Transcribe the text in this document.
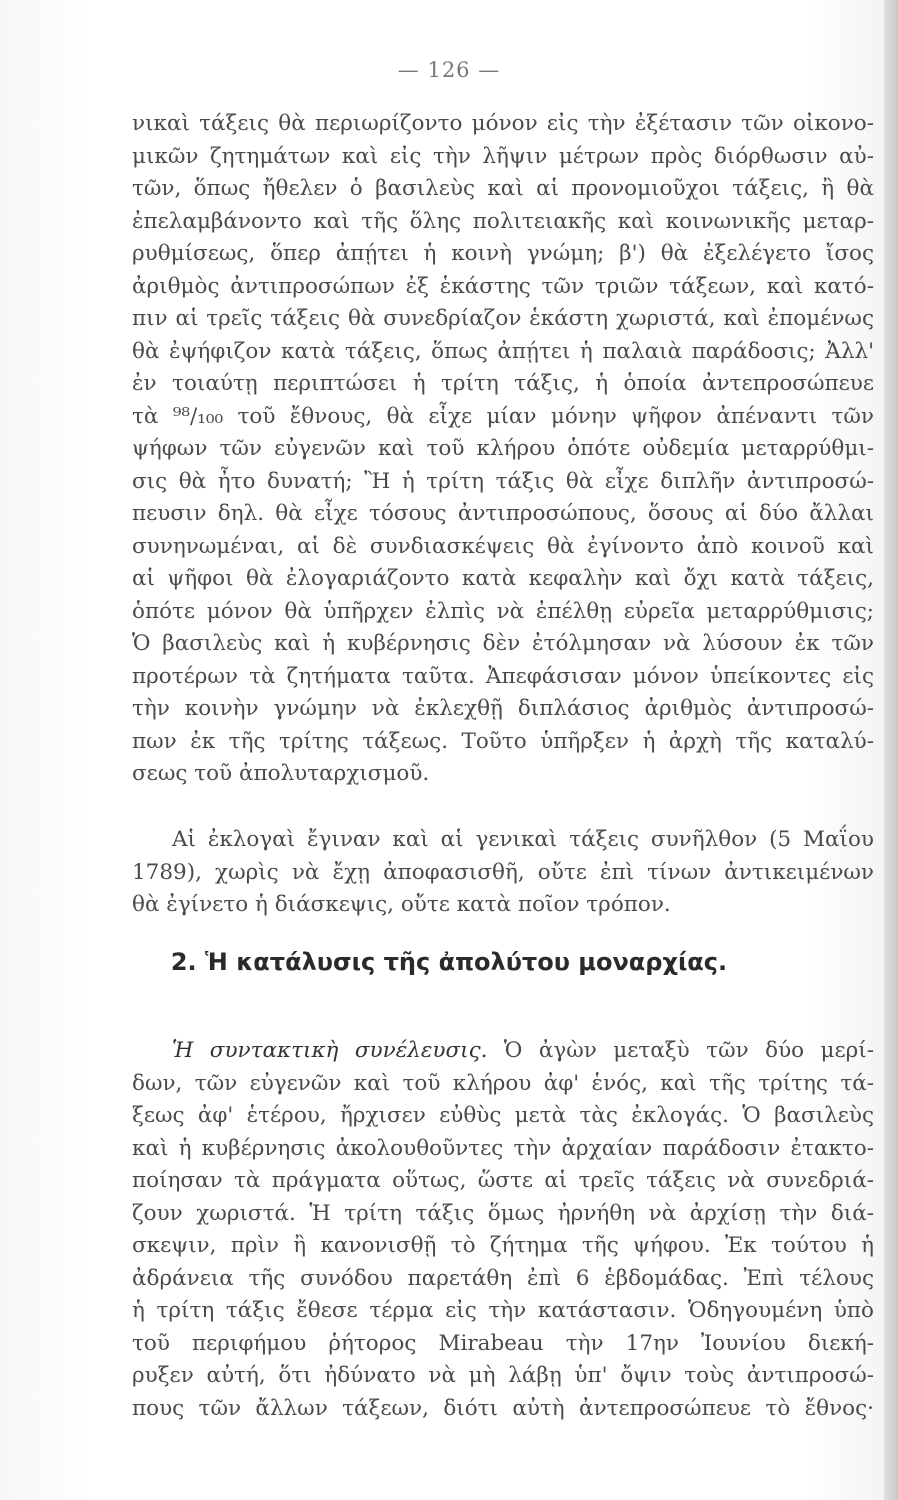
— 126 —
νικαὶ τάξεις θὰ περιωρίζοντο μόνον εἰς τὴν ἐξέτασιν τῶν οἰκονο-
μικῶν ζητημάτων καὶ εἰς τὴν λῆψιν μέτρων πρὸς διόρθωσιν αὐ-
τῶν, ὅπως ἤθελεν ὁ βασιλεὺς καὶ αἱ προνομιοῦχοι τάξεις, ἢ θὰ
ἐπελαμβάνοντο καὶ τῆς ὅλης πολιτειακῆς καὶ κοινωνικῆς μεταρ-
ρυθμίσεως, ὅπερ ἀπῄτει ἡ κοινὴ γνώμη; β') θὰ ἐξελέγετο ἴσος
ἀριθμὸς ἀντιπροσώπων ἐξ ἑκάστης τῶν τριῶν τάξεων, καὶ κατό-
πιν αἱ τρεῖς τάξεις θὰ συνεδρίαζον ἑκάστη χωριστά, καὶ ἐπομένως
θὰ ἐψήφιζον κατὰ τάξεις, ὅπως ἀπῄτει ἡ παλαιὰ παράδοσις; Ἀλλ'
ἐν τοιαύτῃ περιπτώσει ἡ τρίτη τάξις, ἡ ὁποία ἀντεπροσώπευε
τὰ ⁹⁸/₁₀₀ τοῦ ἔθνους, θὰ εἶχε μίαν μόνην ψῆφον ἀπέναντι τῶν
ψήφων τῶν εὐγενῶν καὶ τοῦ κλήρου ὁπότε οὐδεμία μεταρρύθμι-
σις θὰ ἦτο δυνατή; Ἢ ἡ τρίτη τάξις θὰ εἶχε διπλῆν ἀντιπροσώ-
πευσιν δηλ. θὰ εἶχε τόσους ἀντιπροσώπους, ὅσους αἱ δύο ἄλλαι
συνηνωμέναι, αἱ δὲ συνδιασκέψεις θὰ ἐγίνοντο ἀπὸ κοινοῦ καὶ
αἱ ψῆφοι θὰ ἐλογαριάζοντο κατὰ κεφαλὴν καὶ ὄχι κατὰ τάξεις,
ὁπότε μόνον θὰ ὑπῆρχεν ἐλπὶς νὰ ἐπέλθῃ εὐρεῖα μεταρρύθμισις;
Ὁ βασιλεὺς καὶ ἡ κυβέρνησις δὲν ἐτόλμησαν νὰ λύσουν ἐκ τῶν
προτέρων τὰ ζητήματα ταῦτα. Ἀπεφάσισαν μόνον ὑπείκοντες εἰς
τὴν κοινὴν γνώμην νὰ ἐκλεχθῇ διπλάσιος ἀριθμὸς ἀντιπροσώ-
πων ἐκ τῆς τρίτης τάξεως. Τοῦτο ὑπῆρξεν ἡ ἀρχὴ τῆς καταλύ-
σεως τοῦ ἀπολυταρχισμοῦ.
Αἱ ἐκλογαὶ ἔγιναν καὶ αἱ γενικαὶ τάξεις συνῆλθον (5 Μαΐου
1789), χωρὶς νὰ ἔχῃ ἀποφασισθῆ, οὔτε ἐπὶ τίνων ἀντικειμένων
θὰ ἐγίνετο ἡ διάσκεψις, οὔτε κατὰ ποῖον τρόπον.
2. Ἡ κατάλυσις τῆς ἀπολύτου μοναρχίας.
Ἡ συντακτικὴ συνέλευσις. Ὁ ἀγὼν μεταξὺ τῶν δύο μερί-
δων, τῶν εὐγενῶν καὶ τοῦ κλήρου ἀφ' ἑνός, καὶ τῆς τρίτης τά-
ξεως ἀφ' ἑτέρου, ἤρχισεν εὐθὺς μετὰ τὰς ἐκλογάς. Ὁ βασιλεὺς
καὶ ἡ κυβέρνησις ἀκολουθοῦντες τὴν ἀρχαίαν παράδοσιν ἐτακτο-
ποίησαν τὰ πράγματα οὕτως, ὥστε αἱ τρεῖς τάξεις νὰ συνεδριά-
ζουν χωριστά. Ἡ τρίτη τάξις ὅμως ἠρνήθη νὰ ἀρχίσῃ τὴν διά-
σκεψιν, πρὶν ἢ κανονισθῇ τὸ ζήτημα τῆς ψήφου. Ἐκ τούτου ἡ
ἀδράνεια τῆς συνόδου παρετάθη ἐπὶ 6 ἑβδομάδας. Ἐπὶ τέλους
ἡ τρίτη τάξις ἔθεσε τέρμα εἰς τὴν κατάστασιν. Ὁδηγουμένη ὑπὸ
τοῦ περιφήμου ῥήτορος Mirabeau τὴν 17ην Ἰουνίου διεκή-
ρυξεν αὐτή, ὅτι ἠδύνατο νὰ μὴ λάβῃ ὑπ' ὄψιν τοὺς ἀντιπροσώ-
πους τῶν ἄλλων τάξεων, διότι αὐτὴ ἀντεπροσώπευε τὸ ἔθνος·
